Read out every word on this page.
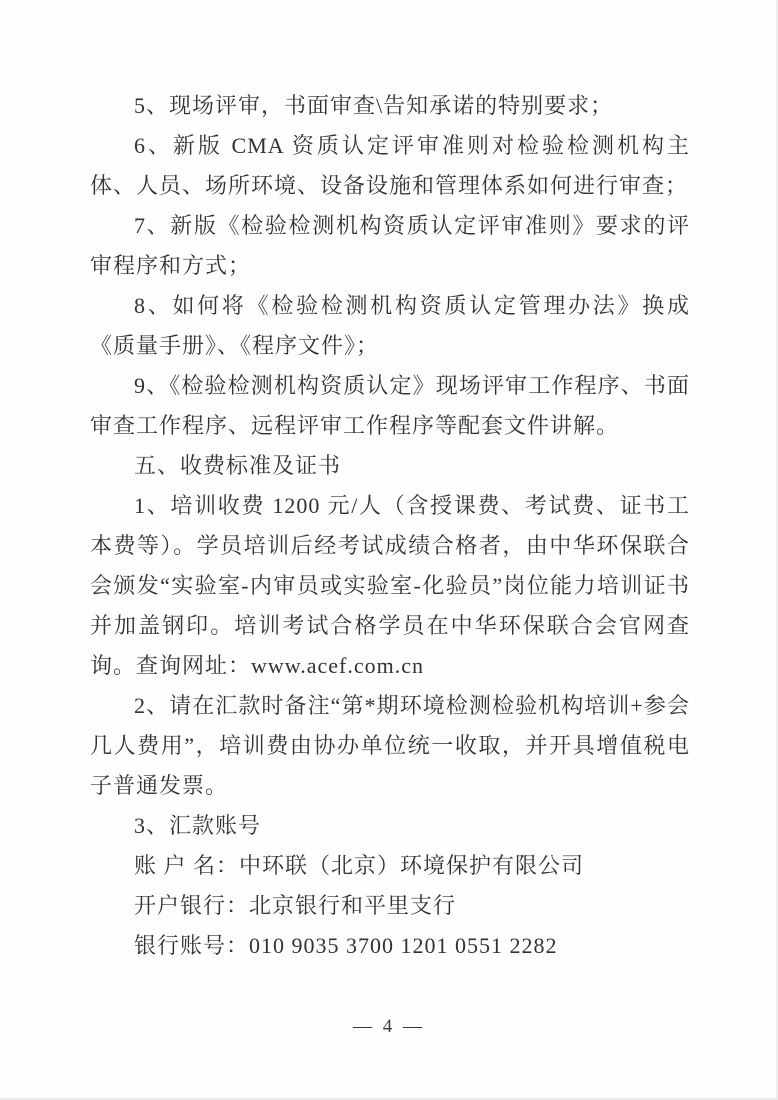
5、现场评审，书面审查\告知承诺的特别要求；

6、新版 CMA 资质认定评审准则对检验检测机构主体、人员、场所环境、设备设施和管理体系如何进行审查；

7、新版《检验检测机构资质认定评审准则》要求的评审程序和方式；

8、如何将《检验检测机构资质认定管理办法》换成《质量手册》、《程序文件》；

9、《检验检测机构资质认定》现场评审工作程序、书面审查工作程序、远程评审工作程序等配套文件讲解。

五、收费标准及证书

1、培训收费 1200 元/人（含授课费、考试费、证书工本费等）。学员培训后经考试成绩合格者，由中华环保联合会颁发“实验室-内审员或实验室-化验员”岗位能力培训证书并加盖钢印。培训考试合格学员在中华环保联合会官网查询。查询网址：www.acef.com.cn

2、请在汇款时备注“第*期环境检测检验机构培训+参会几人费用”，培训费由协办单位统一收取，并开具增值税电子普通发票。

3、汇款账号

账 户 名：中环联（北京）环境保护有限公司

开户银行：北京银行和平里支行

银行账号：010 9035 3700 1201 0551 2282

— 4 —
